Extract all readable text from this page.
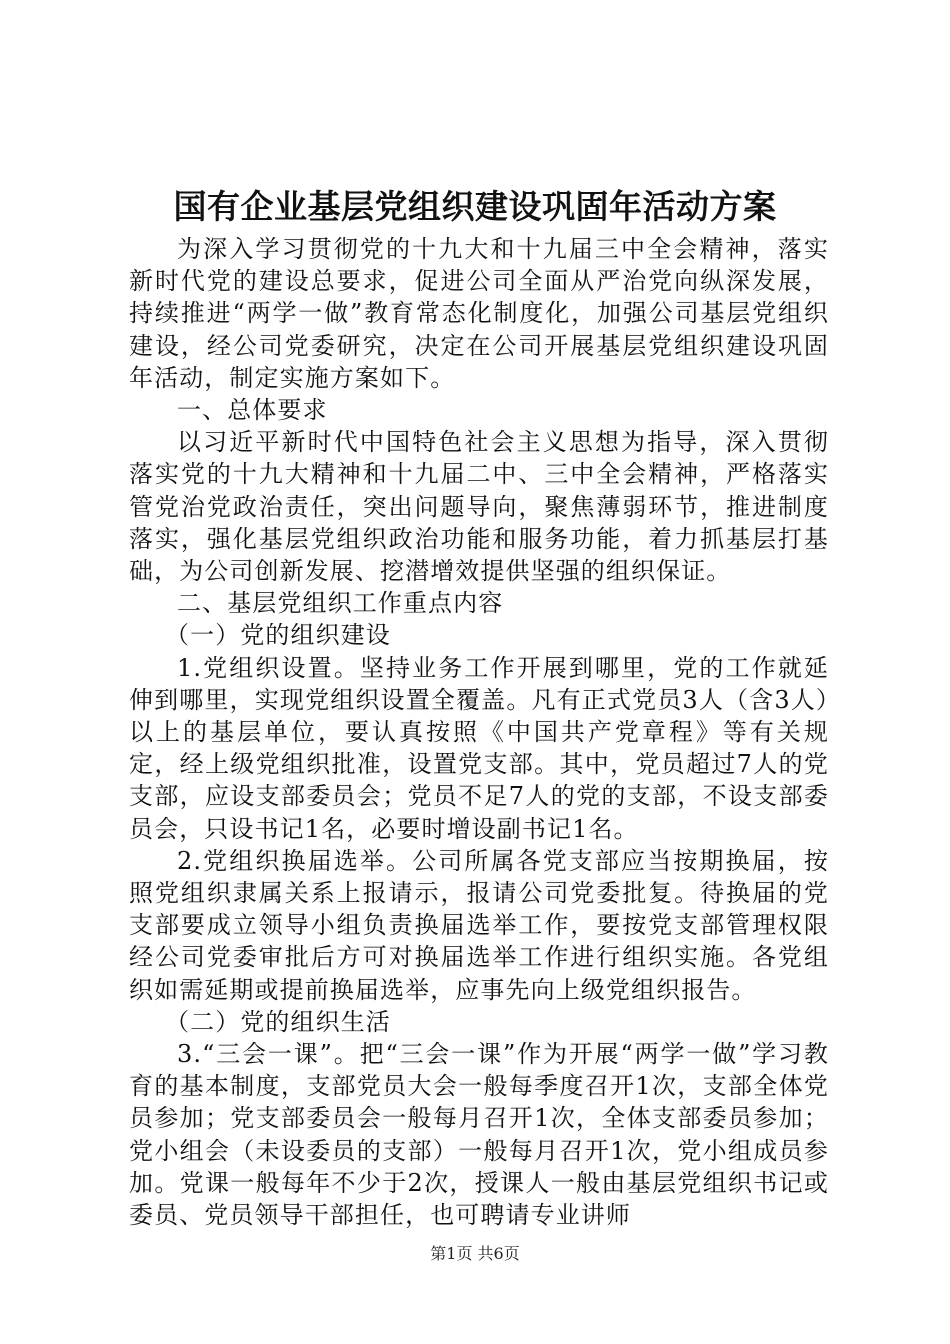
国有企业基层党组织建设巩固年活动方案

为深入学习贯彻党的十九大和十九届三中全会精神，落实新时代党的建设总要求，促进公司全面从严治党向纵深发展，持续推进“两学一做”教育常态化制度化，加强公司基层党组织建设，经公司党委研究，决定在公司开展基层党组织建设巩固年活动，制定实施方案如下。

一、总体要求

以习近平新时代中国特色社会主义思想为指导，深入贯彻落实党的十九大精神和十九届二中、三中全会精神，严格落实管党治党政治责任，突出问题导向，聚焦薄弱环节，推进制度落实，强化基层党组织政治功能和服务功能，着力抓基层打基础，为公司创新发展、挖潜增效提供坚强的组织保证。

二、基层党组织工作重点内容

（一）党的组织建设

1.党组织设置。坚持业务工作开展到哪里，党的工作就延伸到哪里，实现党组织设置全覆盖。凡有正式党员3人（含3人）以上的基层单位，要认真按照《中国共产党章程》等有关规定，经上级党组织批准，设置党支部。其中，党员超过7人的党支部，应设支部委员会；党员不足7人的党的支部，不设支部委员会，只设书记1名，必要时增设副书记1名。

2.党组织换届选举。公司所属各党支部应当按期换届，按照党组织隶属关系上报请示，报请公司党委批复。待换届的党支部要成立领导小组负责换届选举工作，要按党支部管理权限经公司党委审批后方可对换届选举工作进行组织实施。各党组织如需延期或提前换届选举，应事先向上级党组织报告。

（二）党的组织生活

3.“三会一课”。把“三会一课”作为开展“两学一做”学习教育的基本制度，支部党员大会一般每季度召开1次，支部全体党员参加；党支部委员会一般每月召开1次，全体支部委员参加；党小组会（未设委员的支部）一般每月召开1次，党小组成员参加。党课一般每年不少于2次，授课人一般由基层党组织书记或委员、党员领导干部担任，也可聘请专业讲师

第1页 共6页
